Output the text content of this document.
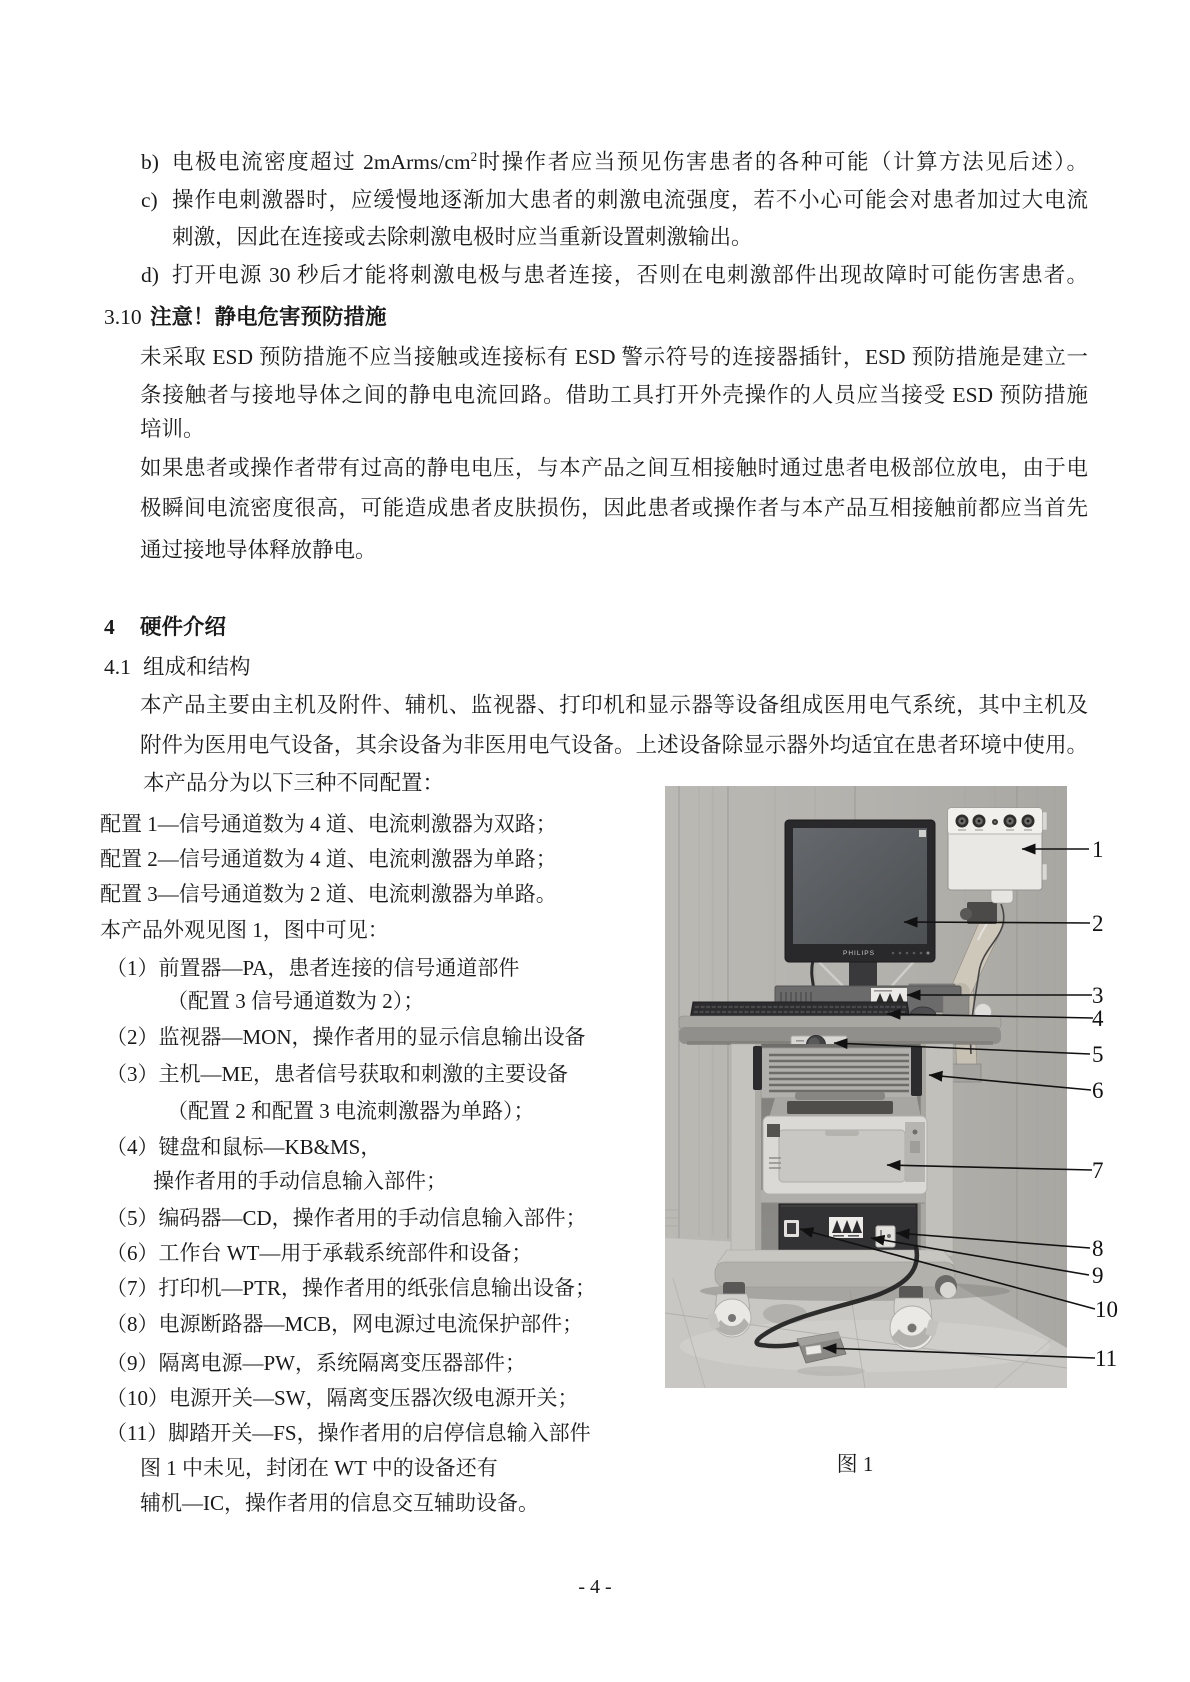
b) 电极电流密度超过 $2mArms/cm^2$时操作者应当预见伤害患者的各种可能（计算方法见后述）。
c) 操作电刺激器时，应缓慢地逐渐加大患者的刺激电流强度，若不小心可能会对患者加过大电流
刺激，因此在连接或去除刺激电极时应当重新设置刺激输出。
d) 打开电源 30 秒后才能将刺激电极与患者连接，否则在电刺激部件出现故障时可能伤害患者。
3.10 注意！静电危害预防措施
未采取 ESD 预防措施不应当接触或连接标有 ESD 警示符号的连接器插针，ESD 预防措施是建立一
条接触者与接地导体之间的静电电流回路。借助工具打开外壳操作的人员应当接受 ESD 预防措施
培训。
如果患者或操作者带有过高的静电电压，与本产品之间互相接触时通过患者电极部位放电，由于电
极瞬间电流密度很高，可能造成患者皮肤损伤，因此患者或操作者与本产品互相接触前都应当首先
通过接地导体释放静电。
4 硬件介绍
4.1 组成和结构
本产品主要由主机及附件、辅机、监视器、打印机和显示器等设备组成医用电气系统，其中主机及
附件为医用电气设备，其余设备为非医用电气设备。上述设备除显示器外均适宜在患者环境中使用。
本产品分为以下三种不同配置：
配置 1—信号通道数为 4 道、电流刺激器为双路；
配置 2—信号通道数为 4 道、电流刺激器为单路；
配置 3—信号通道数为 2 道、电流刺激器为单路。
本产品外观见图 1，图中可见：
（1）前置器—PA，患者连接的信号通道部件
（配置 3 信号通道数为 2）；
（2）监视器—MON，操作者用的显示信息输出设备
（3）主机—ME，患者信号获取和刺激的主要设备
（配置 2 和配置 3 电流刺激器为单路）；
（4）键盘和鼠标—KB&MS，
操作者用的手动信息输入部件；
（5）编码器—CD，操作者用的手动信息输入部件；
（6）工作台 WT—用于承载系统部件和设备；
（7）打印机—PTR，操作者用的纸张信息输出设备；
（8）电源断路器—MCB，网电源过电流保护部件；
（9）隔离电源—PW，系统隔离变压器部件；
（10）电源开关—SW，隔离变压器次级电源开关；
（11）脚踏开关—FS，操作者用的启停信息输入部件
图 1 中未见，封闭在 WT 中的设备还有
辅机—IC，操作者用的信息交互辅助设备。
图 1
- 4 -
PHILIPS
1
2
3
4
5
6
7
8
9
10
11
